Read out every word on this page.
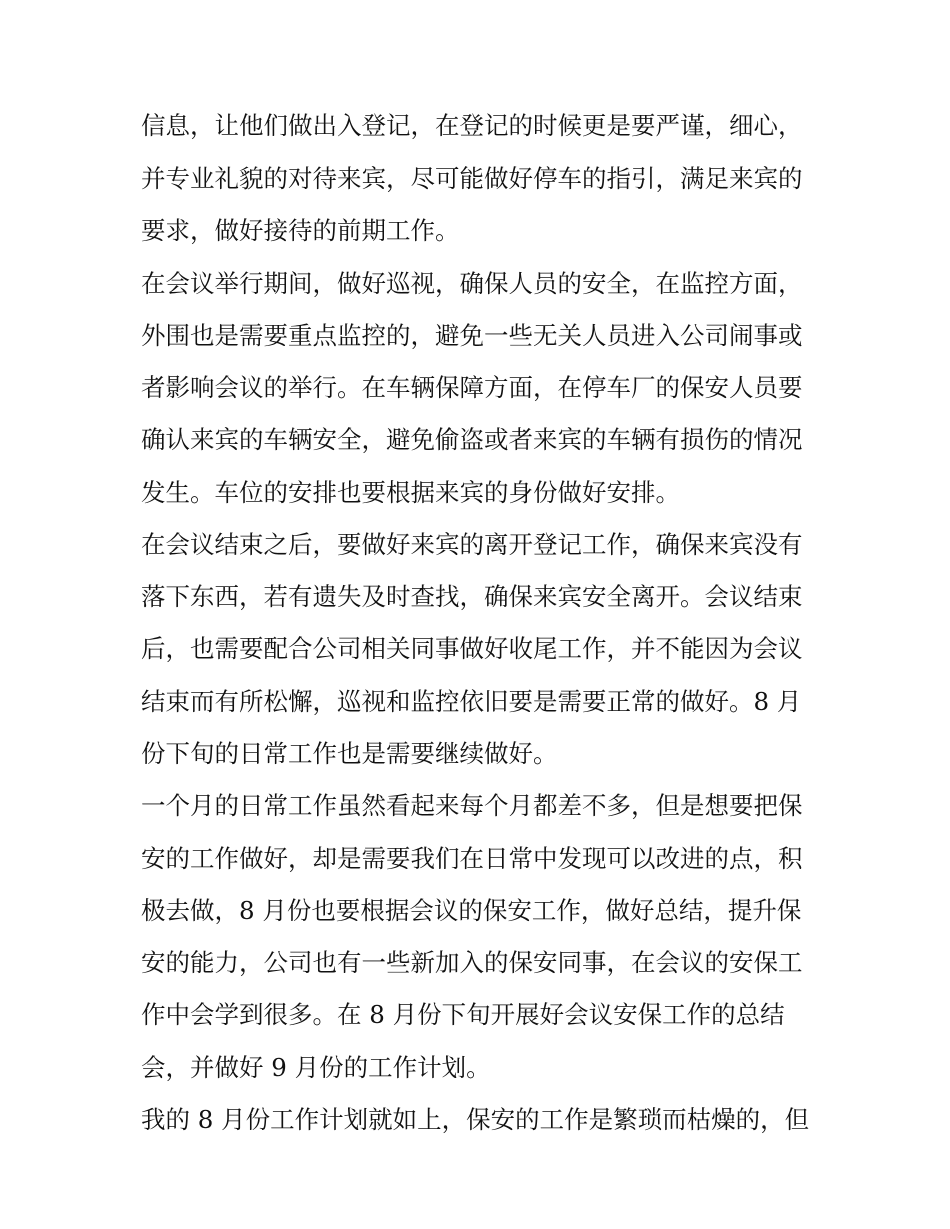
信息，让他们做出入登记，在登记的时候更是要严谨，细心，
并专业礼貌的对待来宾，尽可能做好停车的指引，满足来宾的
要求，做好接待的前期工作。
在会议举行期间，做好巡视，确保人员的安全，在监控方面，
外围也是需要重点监控的，避免一些无关人员进入公司闹事或
者影响会议的举行。在车辆保障方面，在停车厂的保安人员要
确认来宾的车辆安全，避免偷盗或者来宾的车辆有损伤的情况
发生。车位的安排也要根据来宾的身份做好安排。
在会议结束之后，要做好来宾的离开登记工作，确保来宾没有
落下东西，若有遗失及时查找，确保来宾安全离开。会议结束
后，也需要配合公司相关同事做好收尾工作，并不能因为会议
结束而有所松懈，巡视和监控依旧要是需要正常的做好。8 月
份下旬的日常工作也是需要继续做好。
一个月的日常工作虽然看起来每个月都差不多，但是想要把保
安的工作做好，却是需要我们在日常中发现可以改进的点，积
极去做，8 月份也要根据会议的保安工作，做好总结，提升保
安的能力，公司也有一些新加入的保安同事，在会议的安保工
作中会学到很多。在 8 月份下旬开展好会议安保工作的总结
会，并做好 9 月份的工作计划。
我的 8 月份工作计划就如上，保安的工作是繁琐而枯燥的，但
